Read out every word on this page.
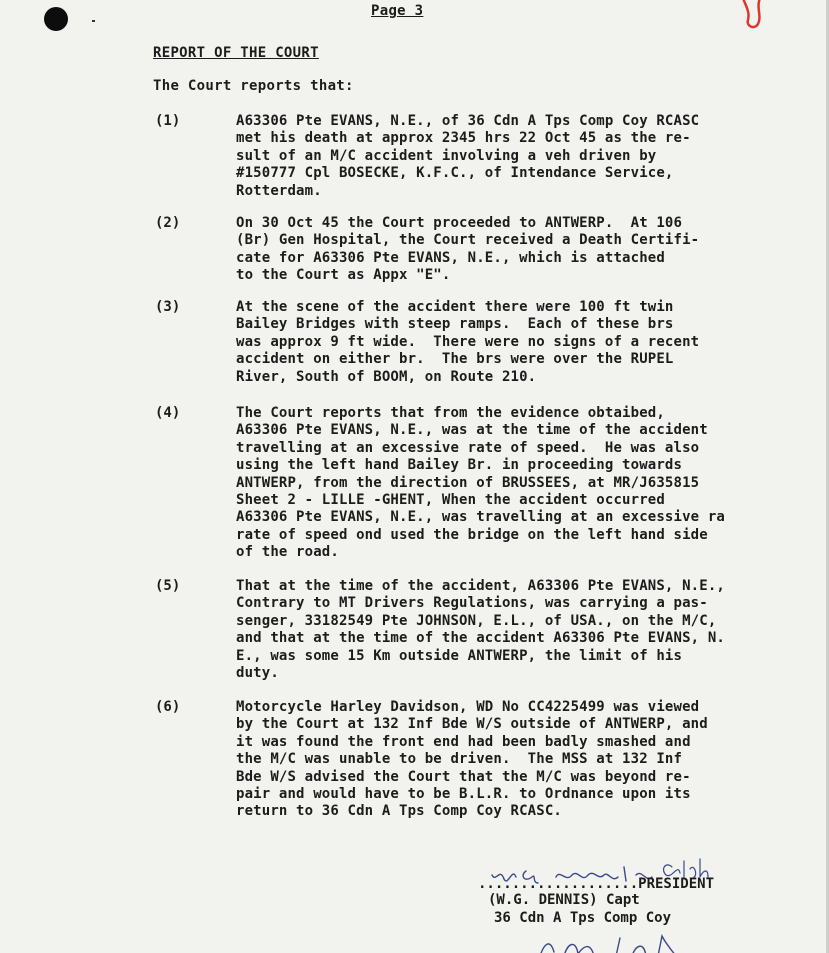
Page 3
REPORT OF THE COURT
The Court reports that:
(1)	A63306 Pte EVANS, N.E., of 36 Cdn A Tps Comp Coy RCASC
met his death at approx 2345 hrs 22 Oct 45 as the re-
sult of an M/C accident involving a veh driven by
#150777 Cpl BOSECKE, K.F.C., of Intendance Service,
Rotterdam.
(2)	On 30 Oct 45 the Court proceeded to ANTWERP.  At 106
(Br) Gen Hospital, the Court received a Death Certifi-
cate for A63306 Pte EVANS, N.E., which is attached
to the Court as Appx "E".
(3)	At the scene of the accident there were 100 ft twin
Bailey Bridges with steep ramps.  Each of these brs
was approx 9 ft wide.  There were no signs of a recent
accident on either br.  The brs were over the RUPEL
River, South of BOOM, on Route 210.
(4)	The Court reports that from the evidence obtaibed,
A63306 Pte EVANS, N.E., was at the time of the accident
travelling at an excessive rate of speed.  He was also
using the left hand Bailey Br. in proceeding towards
ANTWERP, from the direction of BRUSSEES, at MR/J635815
Sheet 2 - LILLE -GHENT, When the accident occurred
A63306 Pte EVANS, N.E., was travelling at an excessive ra
rate of speed ond used the bridge on the left hand side
of the road.
(5)	That at the time of the accident, A63306 Pte EVANS, N.E.,
Contrary to MT Drivers Regulations, was carrying a pas-
senger, 33182549 Pte JOHNSON, E.L., of USA., on the M/C,
and that at the time of the accident A63306 Pte EVANS, N.
E., was some 15 Km outside ANTWERP, the limit of his
duty.
(6)	Motorcycle Harley Davidson, WD No CC4225499 was viewed
by the Court at 132 Inf Bde W/S outside of ANTWERP, and
it was found the front end had been badly smashed and
the M/C was unable to be driven.  The MSS at 132 Inf
Bde W/S advised the Court that the M/C was beyond re-
pair and would have to be B.L.R. to Ordnance upon its
return to 36 Cdn A Tps Comp Coy RCASC.
...................PRESIDENT
(W.G. DENNIS) Capt
36 Cdn A Tps Comp Coy
